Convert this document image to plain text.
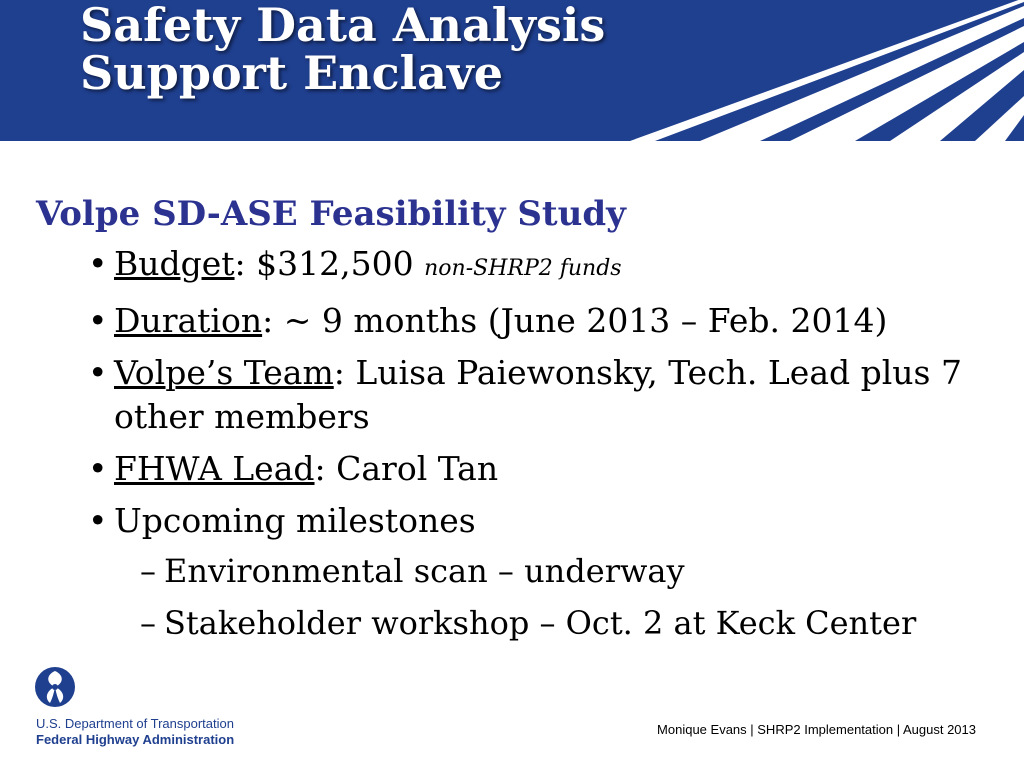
Safety Data Analysis
Support Enclave
Volpe SD-ASE Feasibility Study
• Budget: $312,500 non-SHRP2 funds
• Duration: ~ 9 months (June 2013 – Feb. 2014)
• Volpe’s Team: Luisa Paiewonsky, Tech. Lead plus 7 other members
• FHWA Lead: Carol Tan
• Upcoming milestones
– Environmental scan – underway
– Stakeholder workshop – Oct. 2 at Keck Center
U.S. Department of Transportation
Federal Highway Administration
Monique Evans | SHRP2 Implementation | August 2013
